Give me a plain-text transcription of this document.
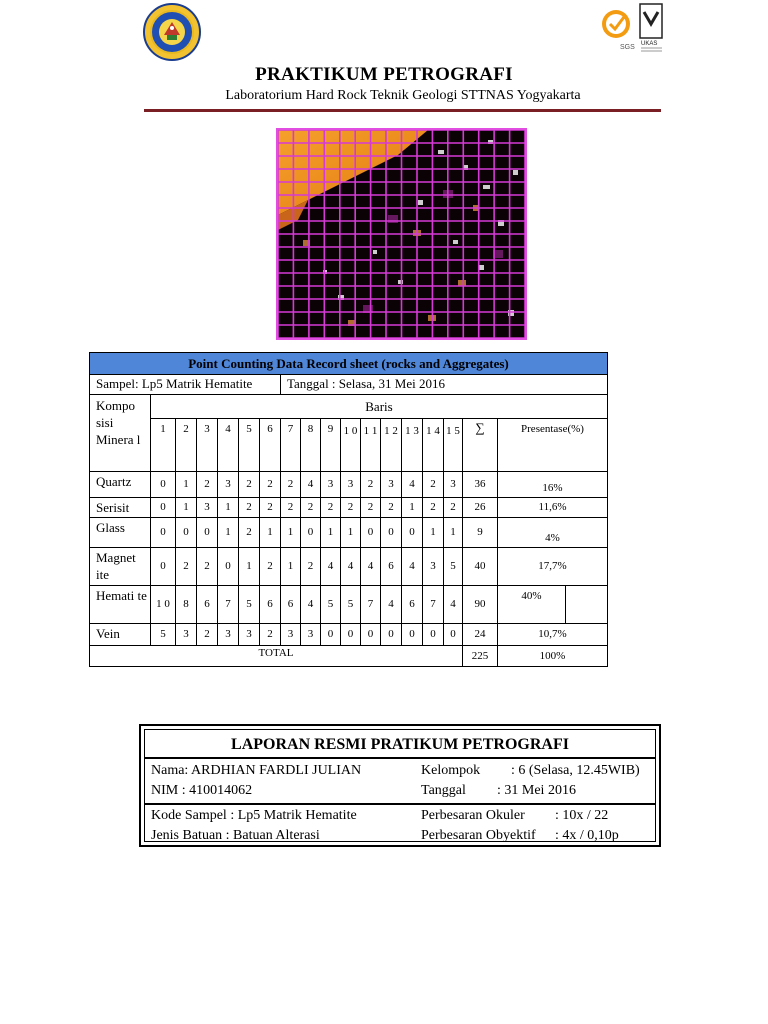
SGS UKAS
PRAKTIKUM PETROGRAFI
Laboratorium Hard Rock Teknik Geologi STTNAS Yogyakarta
Point Counting Data Record sheet (rocks and Aggregates)																		
Sampel: Lp5 Matrik Hematite							Tanggal : Selasa, 31 Mei 2016											
Kompo sisi Minera l	Baris																	
	1	2	3	4	5	6	7	8	9	1 0	1 1	1 2	1 3	1 4	1 5	∑	Presentase(%)	
Quartz	0	1	2	3	2	2	2	4	3	3	2	3	4	2	3	36	16%	
Serisit	0	1	3	1	2	2	2	2	2	2	2	2	1	2	2	26	11,6%	
Glass	0	0	0	1	2	1	1	0	1	1	0	0	0	1	1	9	4%	
Magnet ite	0	2	2	0	1	2	1	2	4	4	4	6	4	3	5	40	17,7%	
Hemati te	1 0	8	6	7	5	6	6	4	5	5	7	4	6	7	4	90	40%	
Vein	5	3	2	3	3	2	3	3	0	0	0	0	0	0	0	24	10,7%	
TOTAL																225	100%	
LAPORAN RESMI PRATIKUM PETROGRAFI
Nama: ARDHIAN FARDLI JULIAN	Kelompok : 6 (Selasa, 12.45WIB)
NIM : 410014062	Tanggal : 31 Mei 2016
Kode Sampel : Lp5 Matrik Hematite	Perbesaran Okuler : 10x / 22
Jenis Batuan : Batuan Alterasi	Perbesaran Obyektif : 4x / 0,10p
